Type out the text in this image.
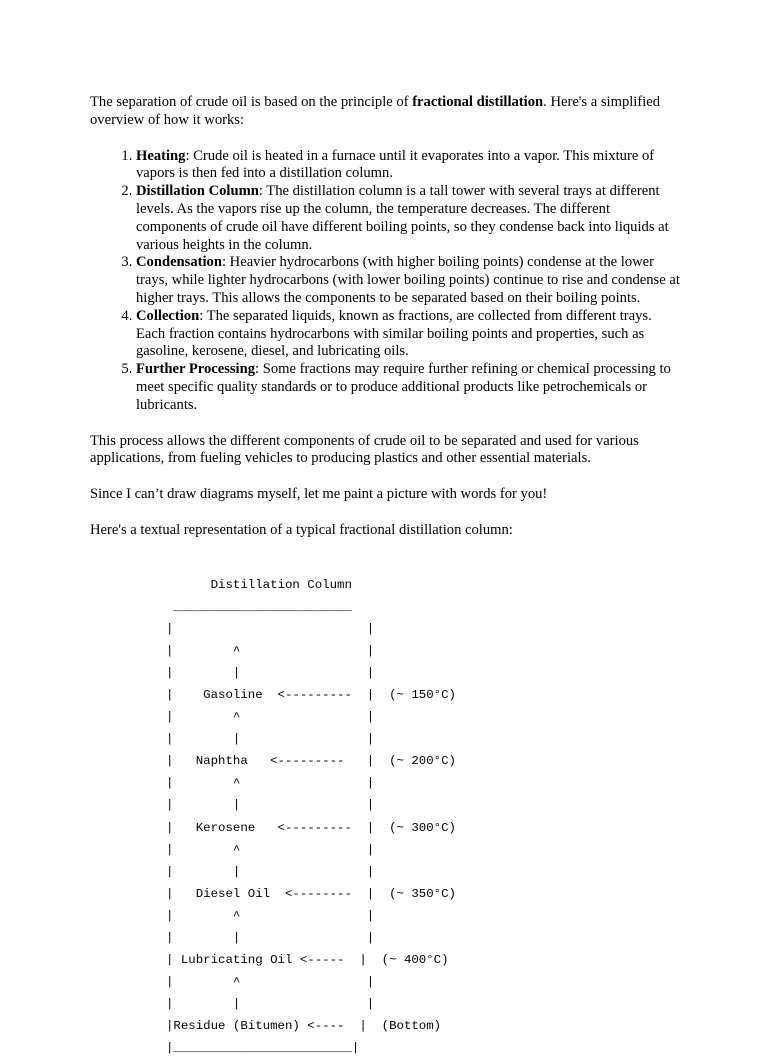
The separation of crude oil is based on the principle of fractional distillation. Here's a simplified overview of how it works:

1. Heating: Crude oil is heated in a furnace until it evaporates into a vapor. This mixture of vapors is then fed into a distillation column.
2. Distillation Column: The distillation column is a tall tower with several trays at different levels. As the vapors rise up the column, the temperature decreases. The different components of crude oil have different boiling points, so they condense back into liquids at various heights in the column.
3. Condensation: Heavier hydrocarbons (with higher boiling points) condense at the lower trays, while lighter hydrocarbons (with lower boiling points) continue to rise and condense at higher trays. This allows the components to be separated based on their boiling points.
4. Collection: The separated liquids, known as fractions, are collected from different trays. Each fraction contains hydrocarbons with similar boiling points and properties, such as gasoline, kerosene, diesel, and lubricating oils.
5. Further Processing: Some fractions may require further refining or chemical processing to meet specific quality standards or to produce additional products like petrochemicals or lubricants.

This process allows the different components of crude oil to be separated and used for various applications, from fueling vehicles to producing plastics and other essential materials.

Since I can’t draw diagrams myself, let me paint a picture with words for you!

Here's a textual representation of a typical fractional distillation column:

Distillation Column
________________________
|                          |
|        ^                 |
|        |                 |
|    Gasoline  <---------  |  (~ 150°C)
|        ^                 |
|        |                 |
|   Naphtha   <---------   |  (~ 200°C)
|        ^                 |
|        |                 |
|   Kerosene   <---------  |  (~ 300°C)
|        ^                 |
|        |                 |
|   Diesel Oil  <--------  |  (~ 350°C)
|        ^                 |
|        |                 |
| Lubricating Oil <-----  |  (~ 400°C)
|        ^                 |
|        |                 |
|Residue (Bitumen) <----  |  (Bottom)
|________________________|
